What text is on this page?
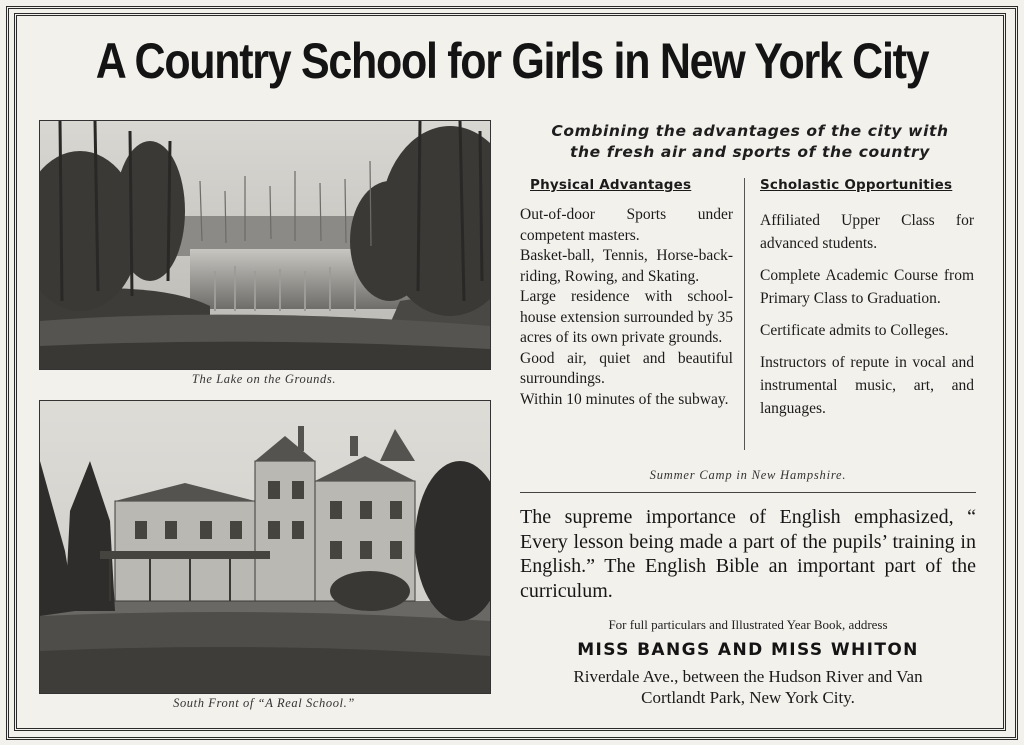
A Country School for Girls in New York City
The Lake on the Grounds.
South Front of “A Real School.”
Combining the advantages of the city with
the fresh air and sports of the country
Physical Advantages	Scholastic Opportunities

Out-of-door Sports under competent masters.

Basket-ball, Tennis, Horse-back-riding, Rowing, and Skating.

Large residence with school-house extension surrounded by 35 acres of its own private grounds.

Good air, quiet and beautiful surroundings.

Within 10 minutes of the subway.

Affiliated Upper Class for advanced students.

Complete Academic Course from Primary Class to Graduation.

Certificate admits to Colleges.

Instructors of repute in vocal and instrumental music, art, and languages.

Summer Camp in New Hampshire.
The supreme importance of English emphasized, “ Every lesson being made a part of the pupils’ training in English.” The English Bible an important part of the curriculum.
For full particulars and Illustrated Year Book, address
MISS BANGS AND MISS WHITON
Riverdale Ave., between the Hudson River and Van
Cortlandt Park, New York City.
